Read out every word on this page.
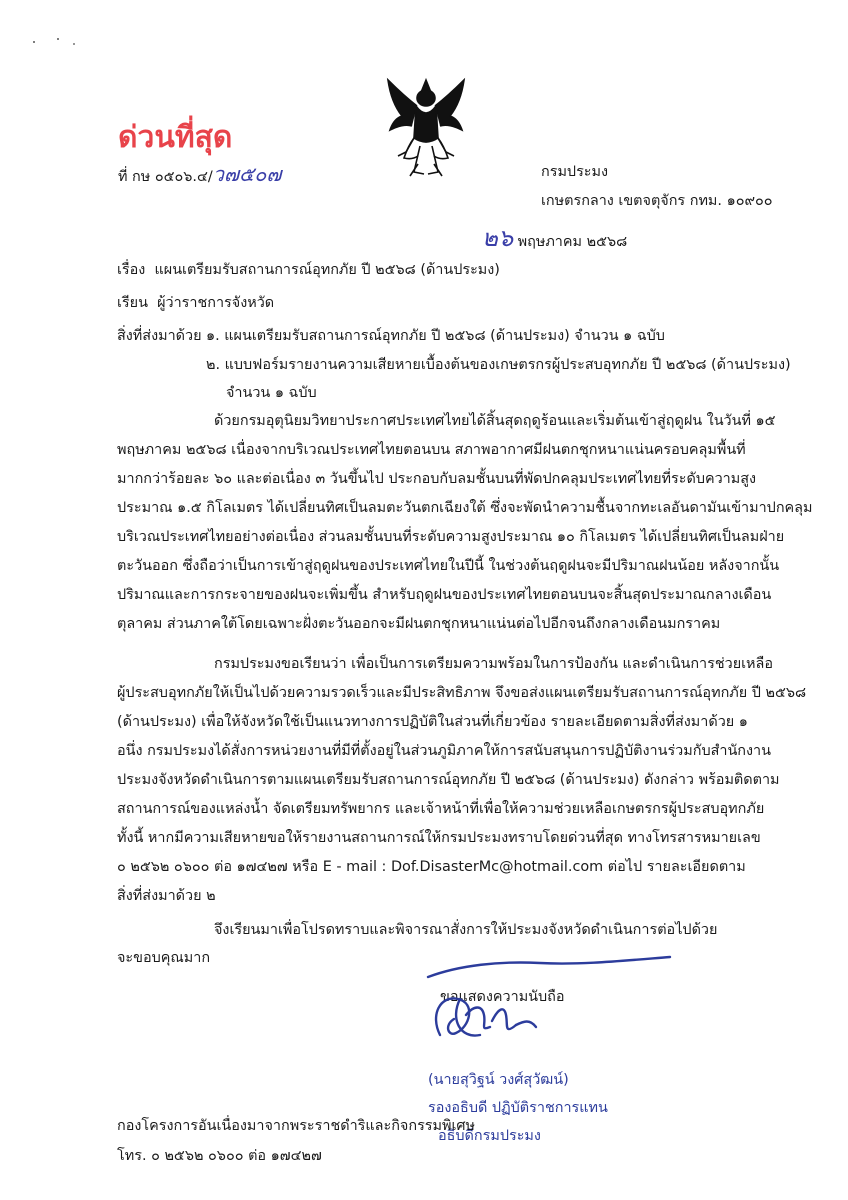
ด่วนที่สุด
ที่ กษ ๐๕๐๖.๔/ว๗๕๐๗	กรมประมง
เกษตรกลาง เขตจตุจักร กทม. ๑๐๙๐๐
๒๖ พฤษภาคม ๒๕๖๘
เรื่อง แผนเตรียมรับสถานการณ์อุทกภัย ปี ๒๕๖๘ (ด้านประมง)
เรียน ผู้ว่าราชการจังหวัด
สิ่งที่ส่งมาด้วย ๑. แผนเตรียมรับสถานการณ์อุทกภัย ปี ๒๕๖๘ (ด้านประมง) จำนวน ๑ ฉบับ
๒. แบบฟอร์มรายงานความเสียหายเบื้องต้นของเกษตรกรผู้ประสบอุทกภัย ปี ๒๕๖๘ (ด้านประมง)
จำนวน ๑ ฉบับ
ด้วยกรมอุตุนิยมวิทยาประกาศประเทศไทยได้สิ้นสุดฤดูร้อนและเริ่มต้นเข้าสู่ฤดูฝน ในวันที่ ๑๕
พฤษภาคม ๒๕๖๘ เนื่องจากบริเวณประเทศไทยตอนบน สภาพอากาศมีฝนตกชุกหนาแน่นครอบคลุมพื้นที่
มากกว่าร้อยละ ๖๐ และต่อเนื่อง ๓ วันขึ้นไป ประกอบกับลมชั้นบนที่พัดปกคลุมประเทศไทยที่ระดับความสูง
ประมาณ ๑.๕ กิโลเมตร ได้เปลี่ยนทิศเป็นลมตะวันตกเฉียงใต้ ซึ่งจะพัดนำความชื้นจากทะเลอันดามันเข้ามาปกคลุม
บริเวณประเทศไทยอย่างต่อเนื่อง ส่วนลมชั้นบนที่ระดับความสูงประมาณ ๑๐ กิโลเมตร ได้เปลี่ยนทิศเป็นลมฝ่าย
ตะวันออก ซึ่งถือว่าเป็นการเข้าสู่ฤดูฝนของประเทศไทยในปีนี้ ในช่วงต้นฤดูฝนจะมีปริมาณฝนน้อย หลังจากนั้น
ปริมาณและการกระจายของฝนจะเพิ่มขึ้น สำหรับฤดูฝนของประเทศไทยตอนบนจะสิ้นสุดประมาณกลางเดือน
ตุลาคม ส่วนภาคใต้โดยเฉพาะฝั่งตะวันออกจะมีฝนตกชุกหนาแน่นต่อไปอีกจนถึงกลางเดือนมกราคม
กรมประมงขอเรียนว่า เพื่อเป็นการเตรียมความพร้อมในการป้องกัน และดำเนินการช่วยเหลือ
ผู้ประสบอุทกภัยให้เป็นไปด้วยความรวดเร็วและมีประสิทธิภาพ จึงขอส่งแผนเตรียมรับสถานการณ์อุทกภัย ปี ๒๕๖๘
(ด้านประมง) เพื่อให้จังหวัดใช้เป็นแนวทางการปฏิบัติในส่วนที่เกี่ยวข้อง รายละเอียดตามสิ่งที่ส่งมาด้วย ๑
อนึ่ง กรมประมงได้สั่งการหน่วยงานที่มีที่ตั้งอยู่ในส่วนภูมิภาคให้การสนับสนุนการปฏิบัติงานร่วมกับสำนักงาน
ประมงจังหวัดดำเนินการตามแผนเตรียมรับสถานการณ์อุทกภัย ปี ๒๕๖๘ (ด้านประมง) ดังกล่าว พร้อมติดตาม
สถานการณ์ของแหล่งน้ำ จัดเตรียมทรัพยากร และเจ้าหน้าที่เพื่อให้ความช่วยเหลือเกษตรกรผู้ประสบอุทกภัย
ทั้งนี้ หากมีความเสียหายขอให้รายงานสถานการณ์ให้กรมประมงทราบโดยด่วนที่สุด ทางโทรสารหมายเลข
๐ ๒๕๖๒ ๐๖๐๐ ต่อ ๑๗๔๒๗ หรือ E - mail : Dof.DisasterMc@hotmail.com ต่อไป รายละเอียดตาม
สิ่งที่ส่งมาด้วย ๒
จึงเรียนมาเพื่อโปรดทราบและพิจารณาสั่งการให้ประมงจังหวัดดำเนินการต่อไปด้วย
จะขอบคุณมาก
ขอแสดงความนับถือ
(นายสุวิฐน์ วงศ์สุวัฒน์)
รองอธิบดี ปฏิบัติราชการแทน
อธิบดีกรมประมง
กองโครงการอันเนื่องมาจากพระราชดำริและกิจกรรมพิเศษ
โทร. ๐ ๒๕๖๒ ๐๖๐๐ ต่อ ๑๗๔๒๗
